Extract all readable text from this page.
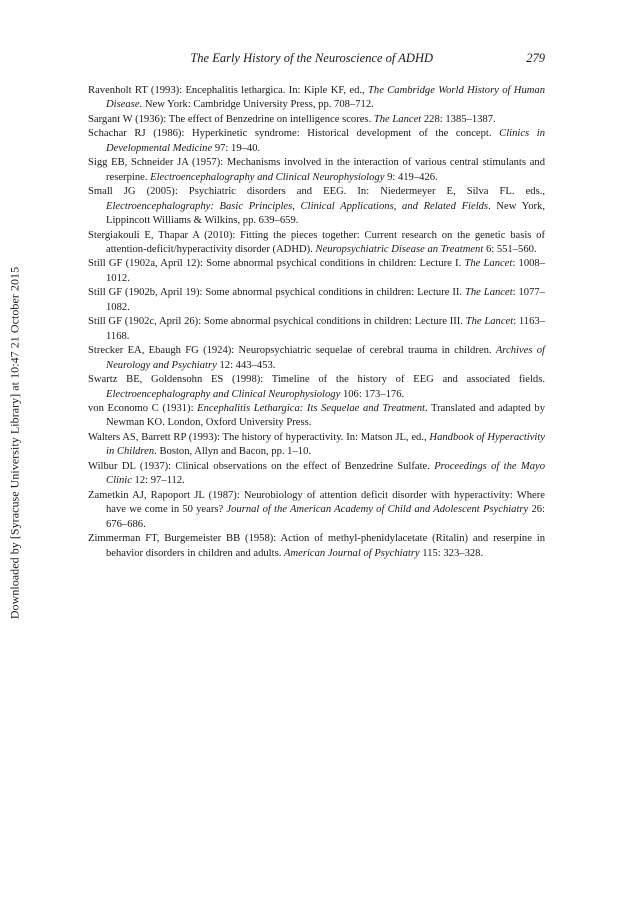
Downloaded by [Syracuse University Library] at 10:47 21 October 2015
The Early History of the Neuroscience of ADHD	279

Ravenholt RT (1993): Encephalitis lethargica. In: Kiple KF, ed., The Cambridge World History of Human Disease. New York: Cambridge University Press, pp. 708–712.

Sargant W (1936): The effect of Benzedrine on intelligence scores. The Lancet 228: 1385–1387.

Schachar RJ (1986): Hyperkinetic syndrome: Historical development of the concept. Clinics in Developmental Medicine 97: 19–40.

Sigg EB, Schneider JA (1957): Mechanisms involved in the interaction of various central stimulants and reserpine. Electroencephalography and Clinical Neurophysiology 9: 419–426.

Small JG (2005): Psychiatric disorders and EEG. In: Niedermeyer E, Silva FL. eds., Electroencephalography: Basic Principles, Clinical Applications, and Related Fields. New York, Lippincott Williams & Wilkins, pp. 639–659.

Stergiakouli E, Thapar A (2010): Fitting the pieces together: Current research on the genetic basis of attention-deficit/hyperactivity disorder (ADHD). Neuropsychiatric Disease an Treatment 6: 551–560.

Still GF (1902a, April 12): Some abnormal psychical conditions in children: Lecture I. The Lancet: 1008–1012.

Still GF (1902b, April 19): Some abnormal psychical conditions in children: Lecture II. The Lancet: 1077–1082.

Still GF (1902c, April 26): Some abnormal psychical conditions in children: Lecture III. The Lancet: 1163–1168.

Strecker EA, Ebaugh FG (1924): Neuropsychiatric sequelae of cerebral trauma in children. Archives of Neurology and Psychiatry 12: 443–453.

Swartz BE, Goldensohn ES (1998): Timeline of the history of EEG and associated fields. Electroencephalography and Clinical Neurophysiology 106: 173–176.

von Economo C (1931): Encephalitis Lethargica: Its Sequelae and Treatment. Translated and adapted by Newman KO. London, Oxford University Press.

Walters AS, Barrett RP (1993): The history of hyperactivity. In: Matson JL, ed., Handbook of Hyperactivity in Children. Boston, Allyn and Bacon, pp. 1–10.

Wilbur DL (1937): Clinical observations on the effect of Benzedrine Sulfate. Proceedings of the Mayo Clinic 12: 97–112.

Zametkin AJ, Rapoport JL (1987): Neurobiology of attention deficit disorder with hyperactivity: Where have we come in 50 years? Journal of the American Academy of Child and Adolescent Psychiatry 26: 676–686.

Zimmerman FT, Burgemeister BB (1958): Action of methyl-phenidylacetate (Ritalin) and reserpine in behavior disorders in children and adults. American Journal of Psychiatry 115: 323–328.
